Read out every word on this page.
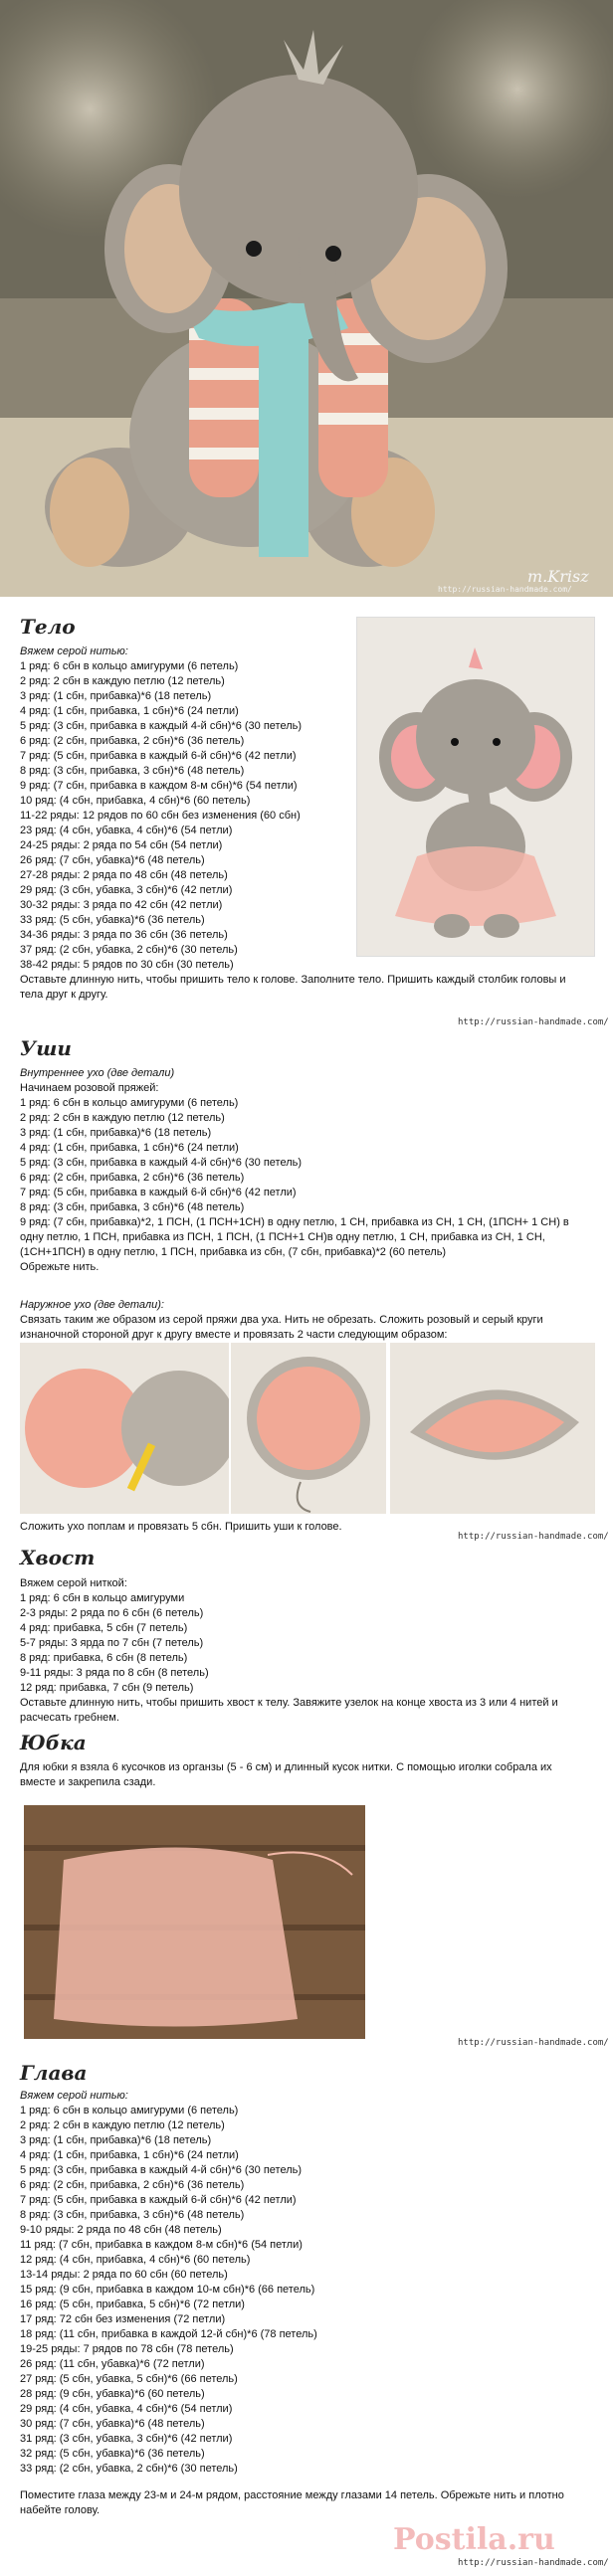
http://russian-handmade.com/
m.Krisz
Тело
Вяжем серой нитью:
1 ряд: 6 сбн в кольцо амигуруми (6 петель)
2 ряд: 2 сбн в каждую петлю (12 петель)
3 ряд: (1 сбн, прибавка)*6 (18 петель)
4 ряд: (1 сбн, прибавка, 1 сбн)*6 (24 петли)
5 ряд: (3 сбн, прибавка в каждый 4-й сбн)*6 (30 петель)
6 ряд: (2 сбн, прибавка, 2 сбн)*6 (36 петель)
7 ряд: (5 сбн, прибавка в каждый 6-й сбн)*6 (42 петли)
8 ряд: (3 сбн, прибавка, 3 сбн)*6 (48 петель)
9 ряд: (7 сбн, прибавка в каждом 8-м сбн)*6 (54 петли)
10 ряд: (4 сбн, прибавка, 4 сбн)*6 (60 петель)
11-22 ряды: 12 рядов по 60 сбн без изменения (60 сбн)
23 ряд: (4 сбн, убавка, 4 сбн)*6 (54 петли)
24-25 ряды: 2 ряда по 54 сбн (54 петли)
26 ряд: (7 сбн, убавка)*6 (48 петель)
27-28 ряды: 2 ряда по 48 сбн (48 петель)
29 ряд: (3 сбн, убавка, 3 сбн)*6 (42 петли)
30-32 ряды: 3 ряда по 42 сбн (42 петли)
33 ряд: (5 сбн, убавка)*6 (36 петель)
34-36 ряды: 3 ряда по 36 сбн (36 петель)
37 ряд: (2 сбн, убавка, 2 сбн)*6 (30 петель)
38-42 ряды: 5 рядов по 30 сбн (30 петель)
Оставьте длинную нить, чтобы пришить тело к голове. Заполните тело. Пришить каждый столбик головы и
тела друг к другу.
http://russian-handmade.com/
Уши
Внутреннее ухо (две детали)
Начинаем розовой пряжей:
1 ряд: 6 сбн в кольцо амигуруми (6 петель)
2 ряд: 2 сбн в каждую петлю (12 петель)
3 ряд: (1 сбн, прибавка)*6 (18 петель)
4 ряд: (1 сбн, прибавка, 1 сбн)*6 (24 петли)
5 ряд: (3 сбн, прибавка в каждый 4-й сбн)*6 (30 петель)
6 ряд: (2 сбн, прибавка, 2 сбн)*6 (36 петель)
7 ряд: (5 сбн, прибавка в каждый 6-й сбн)*6 (42 петли)
8 ряд: (3 сбн, прибавка, 3 сбн)*6 (48 петель)
9 ряд: (7 сбн, прибавка)*2, 1 ПСН, (1 ПСН+1СН) в одну петлю, 1 СН, прибавка из СН, 1 СН, (1ПСН+ 1 СН) в
одну петлю, 1 ПСН, прибавка из ПСН, 1 ПСН, (1 ПСН+1 СН)в одну петлю, 1 СН, прибавка из СН, 1 СН,
(1СН+1ПСН) в одну петлю, 1 ПСН, прибавка из сбн, (7 сбн, прибавка)*2 (60 петель)
Обрежьте нить.
Наружное ухо (две детали):
Связать таким же образом из серой пряжи два уха. Нить не обрезать. Сложить розовый и серый круги
изнаночной стороной друг к другу вместе и провязать 2 части следующим образом:
Сложить ухо поплам и провязать 5 сбн. Пришить уши к голове.
http://russian-handmade.com/
Хвост
Вяжем серой ниткой:
1 ряд: 6 сбн в кольцо амигуруми
2-3 ряды: 2 ряда по 6 сбн (6 петель)
4 ряд: прибавка, 5 сбн (7 петель)
5-7 ряды: 3 ярда по 7 сбн (7 петель)
8 ряд: прибавка, 6 сбн (8 петель)
9-11 ряды: 3 ряда по 8 сбн (8 петель)
12 ряд: прибавка, 7 сбн (9 петель)
Оставьте длинную нить, чтобы пришить хвост к телу. Завяжите узелок на конце хвоста из 3 или 4 нитей и
расчесать гребнем.
Юбка
Для юбки я взяла 6 кусочков из органзы (5 - 6 см) и длинный кусок нитки. С помощью иголки собрала их
вместе и закрепила сзади.
http://russian-handmade.com/
Глава
Вяжем серой нитью:
1 ряд: 6 сбн в кольцо амигуруми (6 петель)
2 ряд: 2 сбн в каждую петлю (12 петель)
3 ряд: (1 сбн, прибавка)*6 (18 петель)
4 ряд: (1 сбн, прибавка, 1 сбн)*6 (24 петли)
5 ряд: (3 сбн, прибавка в каждый 4-й сбн)*6 (30 петель)
6 ряд: (2 сбн, прибавка, 2 сбн)*6 (36 петель)
7 ряд: (5 сбн, прибавка в каждый 6-й сбн)*6 (42 петли)
8 ряд: (3 сбн, прибавка, 3 сбн)*6 (48 петель)
9-10 ряды: 2 ряда по 48 сбн (48 петель)
11 ряд: (7 сбн, прибавка в каждом 8-м сбн)*6 (54 петли)
12 ряд: (4 сбн, прибавка, 4 сбн)*6 (60 петель)
13-14 ряды: 2 ряда по 60 сбн (60 петель)
15 ряд: (9 сбн, прибавка в каждом 10-м сбн)*6 (66 петель)
16 ряд: (5 сбн, прибавка, 5 сбн)*6 (72 петли)
17 ряд: 72 сбн без изменения (72 петли)
18 ряд: (11 сбн, прибавка в каждой 12-й сбн)*6 (78 петель)
19-25 ряды: 7 рядов по 78 сбн (78 петель)
26 ряд: (11 сбн, убавка)*6 (72 петли)
27 ряд: (5 сбн, убавка, 5 сбн)*6 (66 петель)
28 ряд: (9 сбн, убавка)*6 (60 петель)
29 ряд: (4 сбн, убавка, 4 сбн)*6 (54 петли)
30 ряд: (7 сбн, убавка)*6 (48 петель)
31 ряд: (3 сбн, убавка, 3 сбн)*6 (42 петли)
32 ряд: (5 сбн, убавка)*6 (36 петель)
33 ряд: (2 сбн, убавка, 2 сбн)*6 (30 петель)
Поместите глаза между 23-м и 24-м рядом, расстояние между глазами 14 петель. Обрежьте нить и плотно
набейте голову.
http://russian-handmade.com/
Postila.ru
